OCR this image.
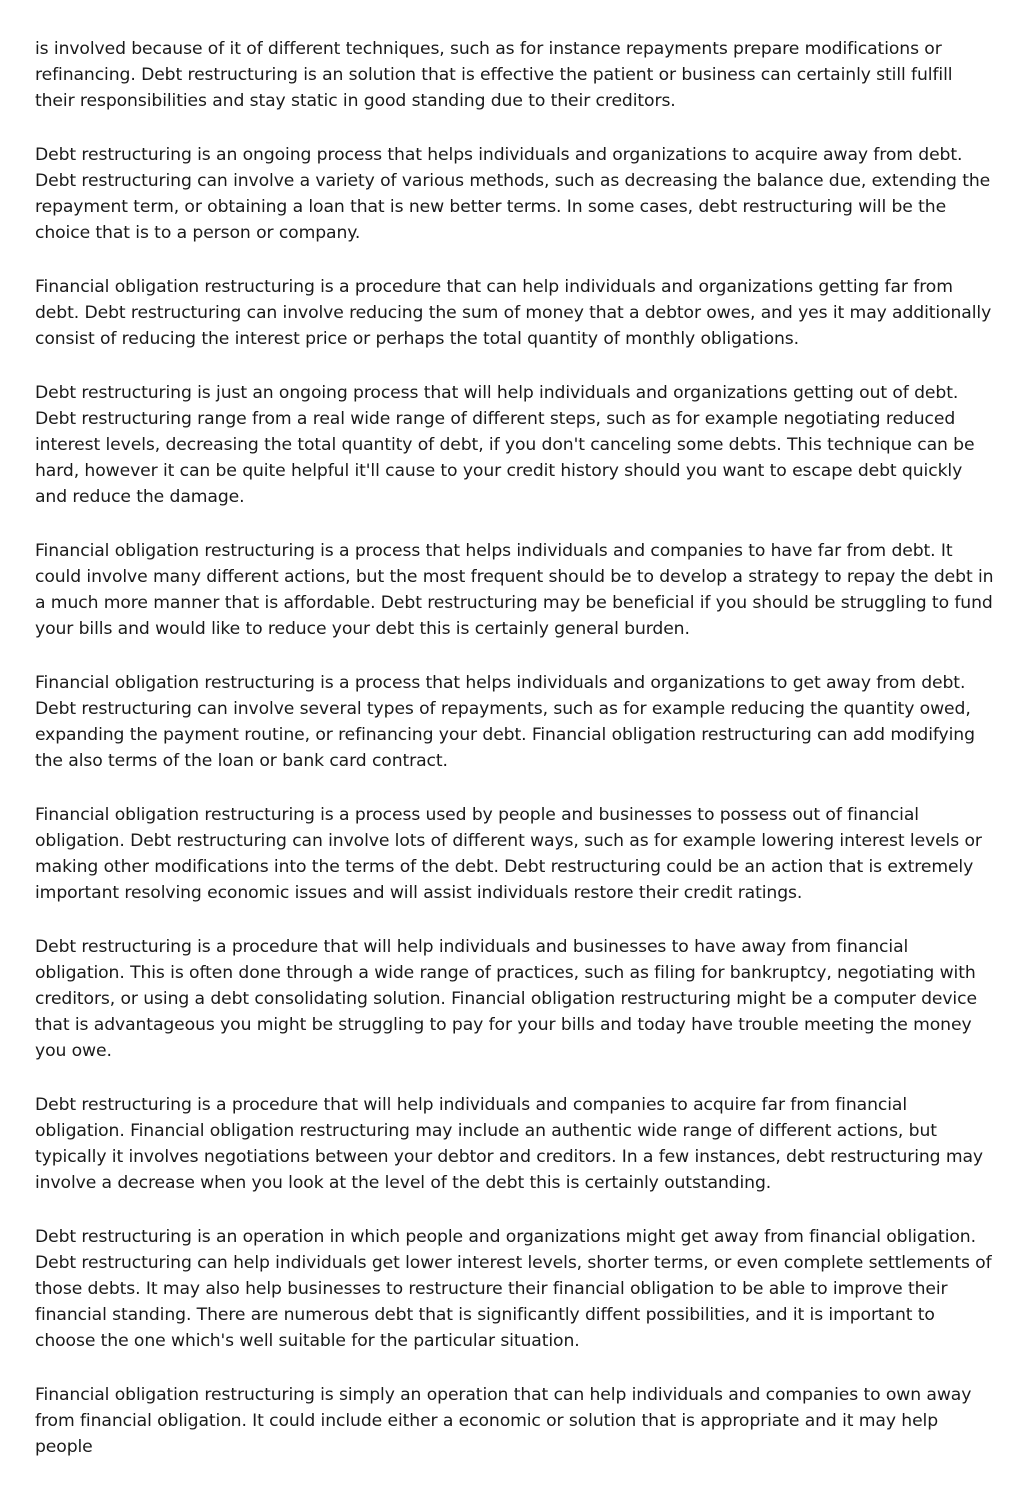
is involved because of it of different techniques, such as for instance repayments prepare modifications or refinancing. Debt restructuring is an solution that is effective the patient or business can certainly still fulfill their responsibilities and stay static in good standing due to their creditors.

Debt restructuring is an ongoing process that helps individuals and organizations to acquire away from debt. Debt restructuring can involve a variety of various methods, such as decreasing the balance due, extending the repayment term, or obtaining a loan that is new better terms. In some cases, debt restructuring will be the choice that is to a person or company.

Financial obligation restructuring is a procedure that can help individuals and organizations getting far from debt. Debt restructuring can involve reducing the sum of money that a debtor owes, and yes it may additionally consist of reducing the interest price or perhaps the total quantity of monthly obligations.

Debt restructuring is just an ongoing process that will help individuals and organizations getting out of debt. Debt restructuring range from a real wide range of different steps, such as for example negotiating reduced interest levels, decreasing the total quantity of debt, if you don't canceling some debts. This technique can be hard, however it can be quite helpful it'll cause to your credit history should you want to escape debt quickly and reduce the damage.

Financial obligation restructuring is a process that helps individuals and companies to have far from debt. It could involve many different actions, but the most frequent should be to develop a strategy to repay the debt in a much more manner that is affordable. Debt restructuring may be beneficial if you should be struggling to fund your bills and would like to reduce your debt this is certainly general burden.

Financial obligation restructuring is a process that helps individuals and organizations to get away from debt. Debt restructuring can involve several types of repayments, such as for example reducing the quantity owed, expanding the payment routine, or refinancing your debt. Financial obligation restructuring can add modifying the also terms of the loan or bank card contract.

Financial obligation restructuring is a process used by people and businesses to possess out of financial obligation. Debt restructuring can involve lots of different ways, such as for example lowering interest levels or making other modifications into the terms of the debt. Debt restructuring could be an action that is extremely important resolving economic issues and will assist individuals restore their credit ratings.

Debt restructuring is a procedure that will help individuals and businesses to have away from financial obligation. This is often done through a wide range of practices, such as filing for bankruptcy, negotiating with creditors, or using a debt consolidating solution. Financial obligation restructuring might be a computer device that is advantageous you might be struggling to pay for your bills and today have trouble meeting the money you owe.

Debt restructuring is a procedure that will help individuals and companies to acquire far from financial obligation. Financial obligation restructuring may include an authentic wide range of different actions, but typically it involves negotiations between your debtor and creditors. In a few instances, debt restructuring may involve a decrease when you look at the level of the debt this is certainly outstanding.

Debt restructuring is an operation in which people and organizations might get away from financial obligation. Debt restructuring can help individuals get lower interest levels, shorter terms, or even complete settlements of those debts. It may also help businesses to restructure their financial obligation to be able to improve their financial standing. There are numerous debt that is significantly diffent possibilities, and it is important to choose the one which's well suitable for the particular situation.

Financial obligation restructuring is simply an operation that can help individuals and companies to own away from financial obligation. It could include either a economic or solution that is appropriate and it may help people
